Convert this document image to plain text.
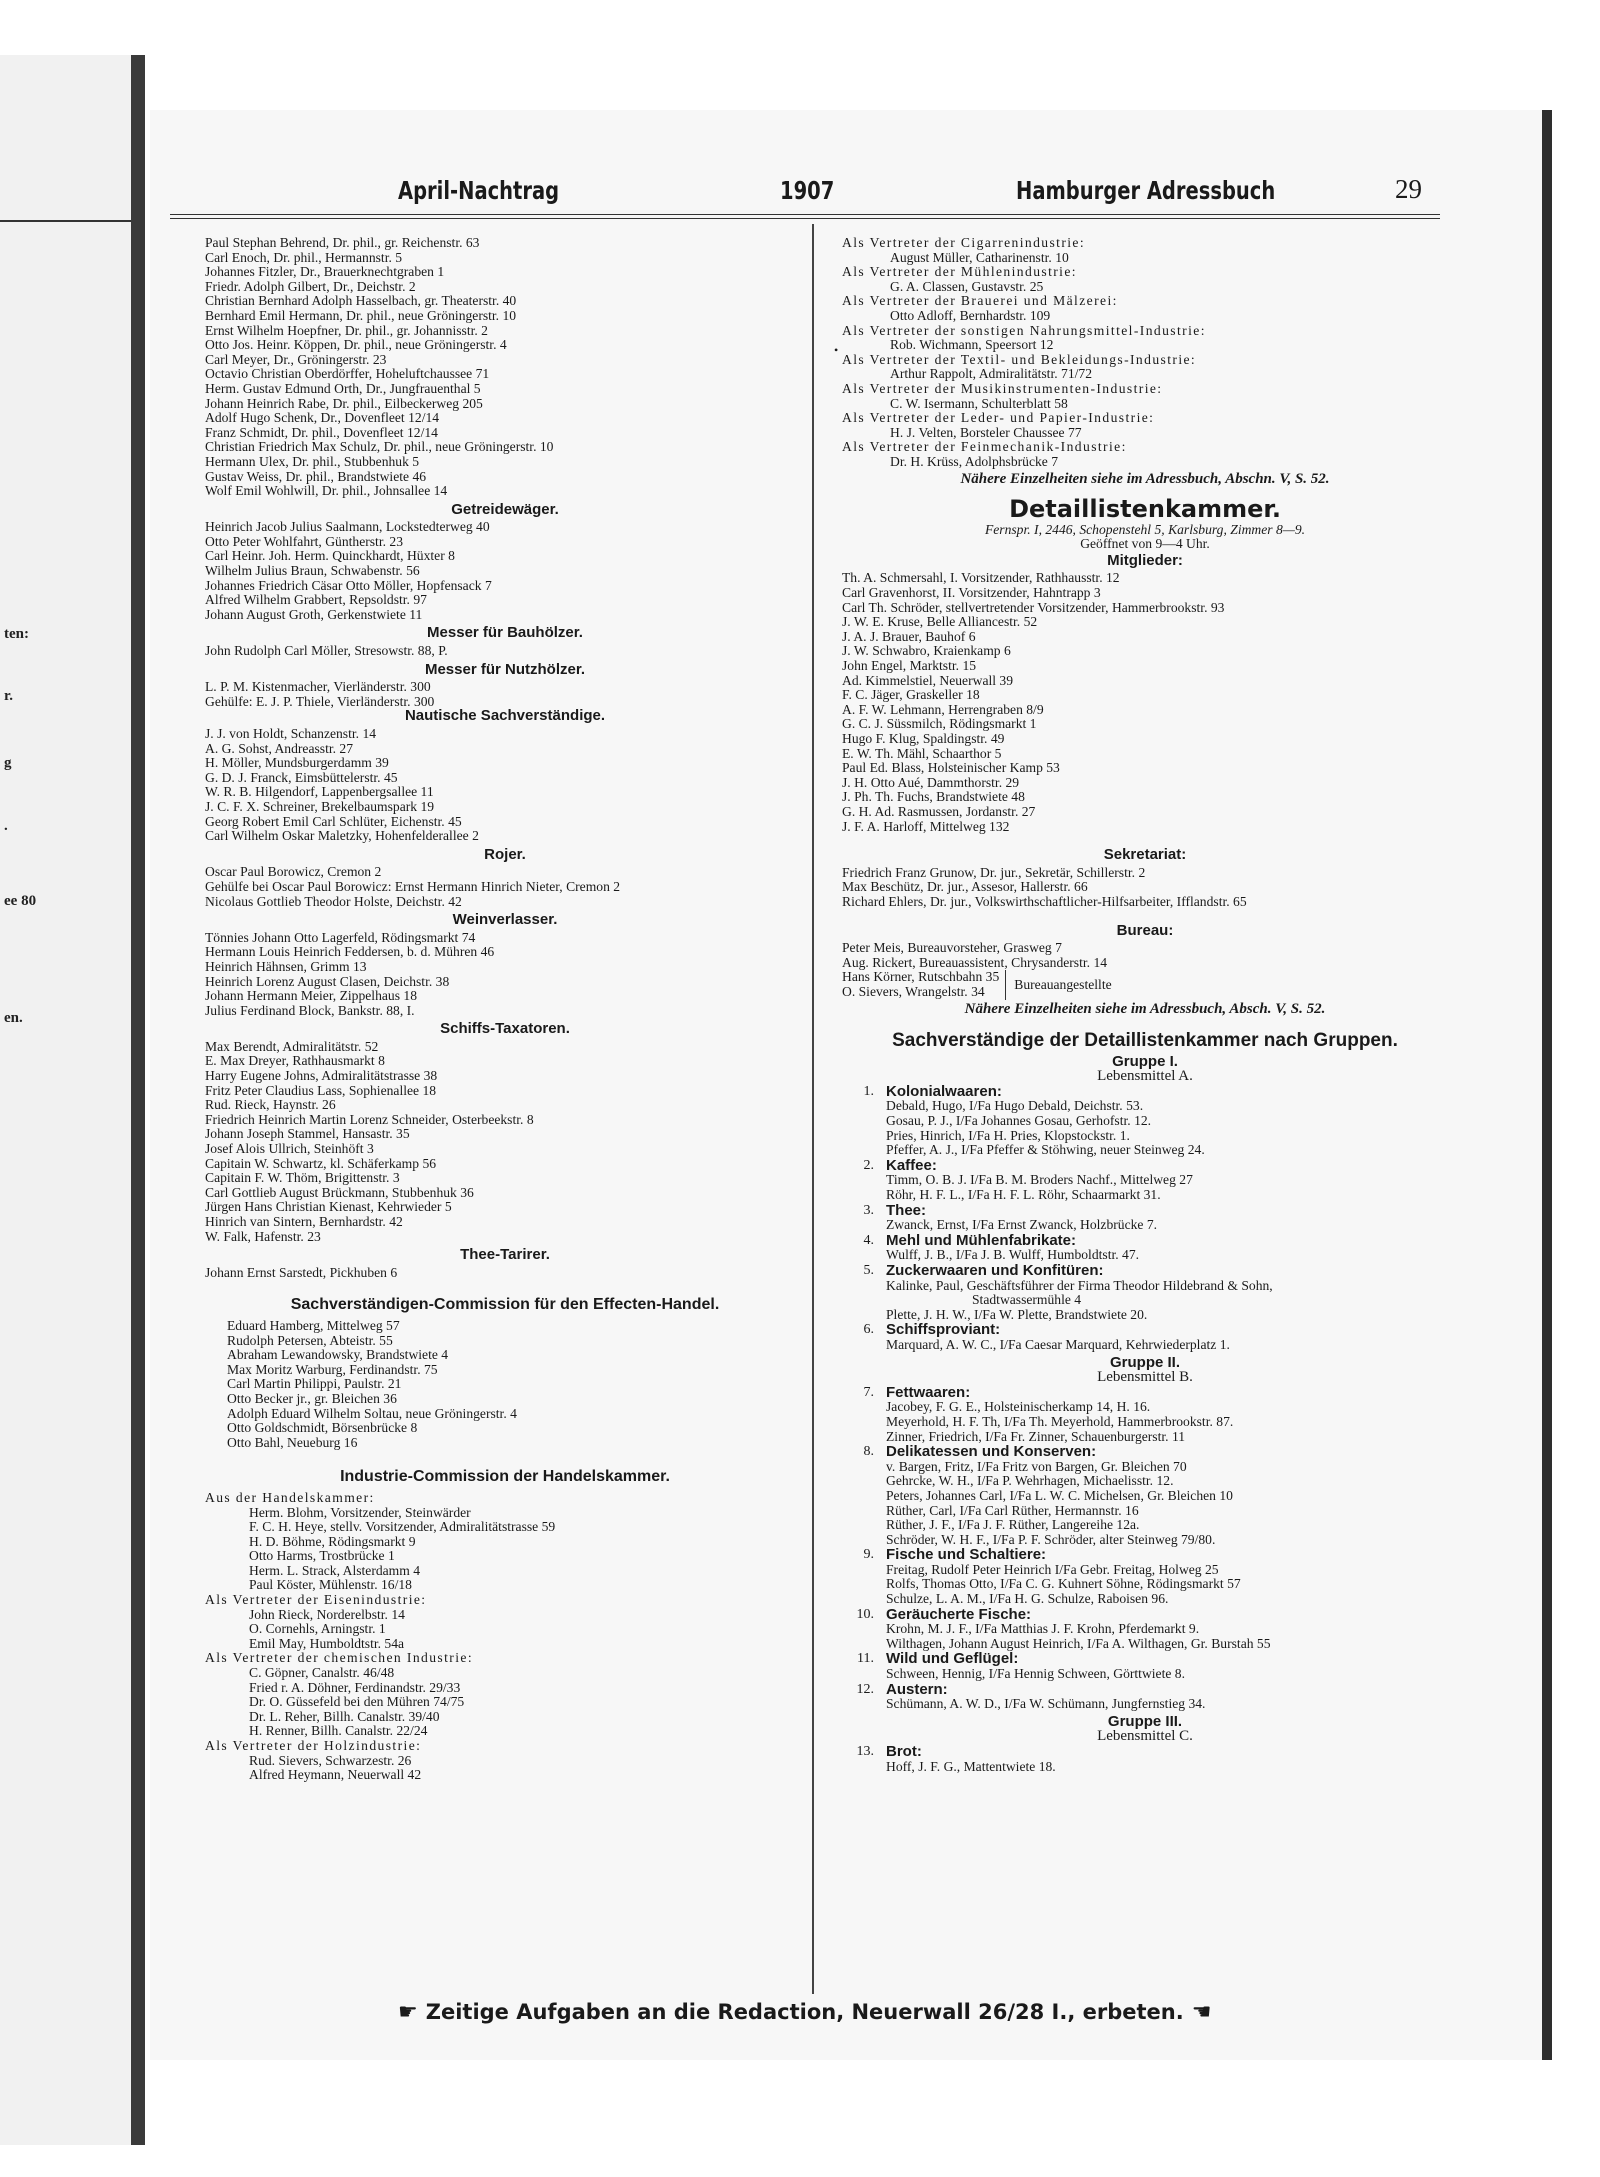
ten:
r.
g
.
ee 80
en.
April-Nachtrag	1907	Hamburger Adressbuch	29
•
Paul Stephan Behrend, Dr. phil., gr. Reichenstr. 63
Carl Enoch, Dr. phil., Hermannstr. 5
Johannes Fitzler, Dr., Brauerknechtgraben 1
Friedr. Adolph Gilbert, Dr., Deichstr. 2
Christian Bernhard Adolph Hasselbach, gr. Theaterstr. 40
Bernhard Emil Hermann, Dr. phil., neue Gröningerstr. 10
Ernst Wilhelm Hoepfner, Dr. phil., gr. Johannisstr. 2
Otto Jos. Heinr. Köppen, Dr. phil., neue Gröningerstr. 4
Carl Meyer, Dr., Gröningerstr. 23
Octavio Christian Oberdörffer, Hoheluftchaussee 71
Herm. Gustav Edmund Orth, Dr., Jungfrauenthal 5
Johann Heinrich Rabe, Dr. phil., Eilbeckerweg 205
Adolf Hugo Schenk, Dr., Dovenfleet 12/14
Franz Schmidt, Dr. phil., Dovenfleet 12/14
Christian Friedrich Max Schulz, Dr. phil., neue Gröningerstr. 10
Hermann Ulex, Dr. phil., Stubbenhuk 5
Gustav Weiss, Dr. phil., Brandstwiete 46
Wolf Emil Wohlwill, Dr. phil., Johnsallee 14
Getreidewäger.
Heinrich Jacob Julius Saalmann, Lockstedterweg 40
Otto Peter Wohlfahrt, Güntherstr. 23
Carl Heinr. Joh. Herm. Quinckhardt, Hüxter 8
Wilhelm Julius Braun, Schwabenstr. 56
Johannes Friedrich Cäsar Otto Möller, Hopfensack 7
Alfred Wilhelm Grabbert, Repsoldstr. 97
Johann August Groth, Gerkenstwiete 11
Messer für Bauhölzer.
John Rudolph Carl Möller, Stresowstr. 88, P.
Messer für Nutzhölzer.
L. P. M. Kistenmacher, Vierländerstr. 300
Gehülfe: E. J. P. Thiele, Vierländerstr. 300
Nautische Sachverständige.
J. J. von Holdt, Schanzenstr. 14
A. G. Sohst, Andreasstr. 27
H. Möller, Mundsburgerdamm 39
G. D. J. Franck, Eimsbüttelerstr. 45
W. R. B. Hilgendorf, Lappenbergsallee 11
J. C. F. X. Schreiner, Brekelbaumspark 19
Georg Robert Emil Carl Schlüter, Eichenstr. 45
Carl Wilhelm Oskar Maletzky, Hohenfelderallee 2
Rojer.
Oscar Paul Borowicz, Cremon 2
Gehülfe bei Oscar Paul Borowicz: Ernst Hermann Hinrich Nieter, Cremon 2
Nicolaus Gottlieb Theodor Holste, Deichstr. 42
Weinverlasser.
Tönnies Johann Otto Lagerfeld, Rödingsmarkt 74
Hermann Louis Heinrich Feddersen, b. d. Mühren 46
Heinrich Hähnsen, Grimm 13
Heinrich Lorenz August Clasen, Deichstr. 38
Johann Hermann Meier, Zippelhaus 18
Julius Ferdinand Block, Bankstr. 88, I.
Schiffs-Taxatoren.
Max Berendt, Admiralitätstr. 52
E. Max Dreyer, Rathhausmarkt 8
Harry Eugene Johns, Admiralitätstrasse 38
Fritz Peter Claudius Lass, Sophienallee 18
Rud. Rieck, Haynstr. 26
Friedrich Heinrich Martin Lorenz Schneider, Osterbeekstr. 8
Johann Joseph Stammel, Hansastr. 35
Josef Alois Ullrich, Steinhöft 3
Capitain W. Schwartz, kl. Schäferkamp 56
Capitain F. W. Thöm, Brigittenstr. 3
Carl Gottlieb August Brückmann, Stubbenhuk 36
Jürgen Hans Christian Kienast, Kehrwieder 5
Hinrich van Sintern, Bernhardstr. 42
W. Falk, Hafenstr. 23
Thee-Tarirer.
Johann Ernst Sarstedt, Pickhuben 6
Sachverständigen-Commission für den Effecten-Handel.
Eduard Hamberg, Mittelweg 57
Rudolph Petersen, Abteistr. 55
Abraham Lewandowsky, Brandstwiete 4
Max Moritz Warburg, Ferdinandstr. 75
Carl Martin Philippi, Paulstr. 21
Otto Becker jr., gr. Bleichen 36
Adolph Eduard Wilhelm Soltau, neue Gröningerstr. 4
Otto Goldschmidt, Börsenbrücke 8
Otto Bahl, Neueburg 16
Industrie-Commission der Handelskammer.
Aus der Handelskammer:
Herm. Blohm, Vorsitzender, Steinwärder
F. C. H. Heye, stellv. Vorsitzender, Admiralitätstrasse 59
H. D. Böhme, Rödingsmarkt 9
Otto Harms, Trostbrücke 1
Herm. L. Strack, Alsterdamm 4
Paul Köster, Mühlenstr. 16/18
Als Vertreter der Eisenindustrie:
John Rieck, Norderelbstr. 14
O. Cornehls, Arningstr. 1
Emil May, Humboldtstr. 54a
Als Vertreter der chemischen Industrie:
C. Göpner, Canalstr. 46/48
Fried r. A. Döhner, Ferdinandstr. 29/33
Dr. O. Güssefeld bei den Mühren 74/75
Dr. L. Reher, Billh. Canalstr. 39/40
H. Renner, Billh. Canalstr. 22/24
Als Vertreter der Holzindustrie:
Rud. Sievers, Schwarzestr. 26
Alfred Heymann, Neuerwall 42
Als Vertreter der Cigarrenindustrie:
August Müller, Catharinenstr. 10
Als Vertreter der Mühlenindustrie:
G. A. Classen, Gustavstr. 25
Als Vertreter der Brauerei und Mälzerei:
Otto Adloff, Bernhardstr. 109
Als Vertreter der sonstigen Nahrungsmittel-Industrie:
Rob. Wichmann, Speersort 12
Als Vertreter der Textil- und Bekleidungs-Industrie:
Arthur Rappolt, Admiralitätstr. 71/72
Als Vertreter der Musikinstrumenten-Industrie:
C. W. Isermann, Schulterblatt 58
Als Vertreter der Leder- und Papier-Industrie:
H. J. Velten, Borsteler Chaussee 77
Als Vertreter der Feinmechanik-Industrie:
Dr. H. Krüss, Adolphsbrücke 7
Nähere Einzelheiten siehe im Adressbuch, Abschn. V, S. 52.
Detaillistenkammer.
Fernspr. I, 2446, Schopenstehl 5, Karlsburg, Zimmer 8—9.
Geöffnet von 9—4 Uhr.
Mitglieder:
Th. A. Schmersahl, I. Vorsitzender, Rathhausstr. 12
Carl Gravenhorst, II. Vorsitzender, Hahntrapp 3
Carl Th. Schröder, stellvertretender Vorsitzender, Hammerbrookstr. 93
J. W. E. Kruse, Belle Alliancestr. 52
J. A. J. Brauer, Bauhof 6
J. W. Schwabro, Kraienkamp 6
John Engel, Marktstr. 15
Ad. Kimmelstiel, Neuerwall 39
F. C. Jäger, Graskeller 18
A. F. W. Lehmann, Herrengraben 8/9
G. C. J. Süssmilch, Rödingsmarkt 1
Hugo F. Klug, Spaldingstr. 49
E. W. Th. Mähl, Schaarthor 5
Paul Ed. Blass, Holsteinischer Kamp 53
J. H. Otto Aué, Dammthorstr. 29
J. Ph. Th. Fuchs, Brandstwiete 48
G. H. Ad. Rasmussen, Jordanstr. 27
J. F. A. Harloff, Mittelweg 132
Sekretariat:
Friedrich Franz Grunow, Dr. jur., Sekretär, Schillerstr. 2
Max Beschütz, Dr. jur., Assesor, Hallerstr. 66
Richard Ehlers, Dr. jur., Volkswirthschaftlicher-Hilfsarbeiter, Ifflandstr. 65
Bureau:
Peter Meis, Bureauvorsteher, Grasweg 7
Aug. Rickert, Bureauassistent, Chrysanderstr. 14
Hans Körner, Rutschbahn 35
O. Sievers, Wrangelstr. 34	Bureauangestellte
Nähere Einzelheiten siehe im Adressbuch, Absch. V, S. 52.
Sachverständige der Detaillistenkammer nach Gruppen.
Gruppe I.
Lebensmittel A.
1. Kolonialwaaren:
Debald, Hugo, I/Fa Hugo Debald, Deichstr. 53.
Gosau, P. J., I/Fa Johannes Gosau, Gerhofstr. 12.
Pries, Hinrich, I/Fa H. Pries, Klopstockstr. 1.
Pfeffer, A. J., I/Fa Pfeffer & Stöhwing, neuer Steinweg 24.
2. Kaffee:
Timm, O. B. J. I/Fa B. M. Broders Nachf., Mittelweg 27
Röhr, H. F. L., I/Fa H. F. L. Röhr, Schaarmarkt 31.
3. Thee:
Zwanck, Ernst, I/Fa Ernst Zwanck, Holzbrücke 7.
4. Mehl und Mühlenfabrikate:
Wulff, J. B., I/Fa J. B. Wulff, Humboldtstr. 47.
5. Zuckerwaaren und Konfitüren:
Kalinke, Paul, Geschäftsführer der Firma Theodor Hildebrand & Sohn,
Stadtwassermühle 4
Plette, J. H. W., I/Fa W. Plette, Brandstwiete 20.
6. Schiffsproviant:
Marquard, A. W. C., I/Fa Caesar Marquard, Kehrwiederplatz 1.
Gruppe II.
Lebensmittel B.
7. Fettwaaren:
Jacobey, F. G. E., Holsteinischerkamp 14, H. 16.
Meyerhold, H. F. Th, I/Fa Th. Meyerhold, Hammerbrookstr. 87.
Zinner, Friedrich, I/Fa Fr. Zinner, Schauenburgerstr. 11
8. Delikatessen und Konserven:
v. Bargen, Fritz, I/Fa Fritz von Bargen, Gr. Bleichen 70
Gehrcke, W. H., I/Fa P. Wehrhagen, Michaelisstr. 12.
Peters, Johannes Carl, I/Fa L. W. C. Michelsen, Gr. Bleichen 10
Rüther, Carl, I/Fa Carl Rüther, Hermannstr. 16
Rüther, J. F., I/Fa J. F. Rüther, Langereihe 12a.
Schröder, W. H. F., I/Fa P. F. Schröder, alter Steinweg 79/80.
9. Fische und Schaltiere:
Freitag, Rudolf Peter Heinrich I/Fa Gebr. Freitag, Holweg 25
Rolfs, Thomas Otto, I/Fa C. G. Kuhnert Söhne, Rödingsmarkt 57
Schulze, L. A. M., I/Fa H. G. Schulze, Raboisen 96.
10. Geräucherte Fische:
Krohn, M. J. F., I/Fa Matthias J. F. Krohn, Pferdemarkt 9.
Wilthagen, Johann August Heinrich, I/Fa A. Wilthagen, Gr. Burstah 55
11. Wild und Geflügel:
Schween, Hennig, I/Fa Hennig Schween, Görttwiete 8.
12. Austern:
Schümann, A. W. D., I/Fa W. Schümann, Jungfernstieg 34.
Gruppe III.
Lebensmittel C.
13. Brot:
Hoff, J. F. G., Mattentwiete 18.
☛ Zeitige Aufgaben an die Redaction, Neuerwall 26/28 I., erbeten. ☚
